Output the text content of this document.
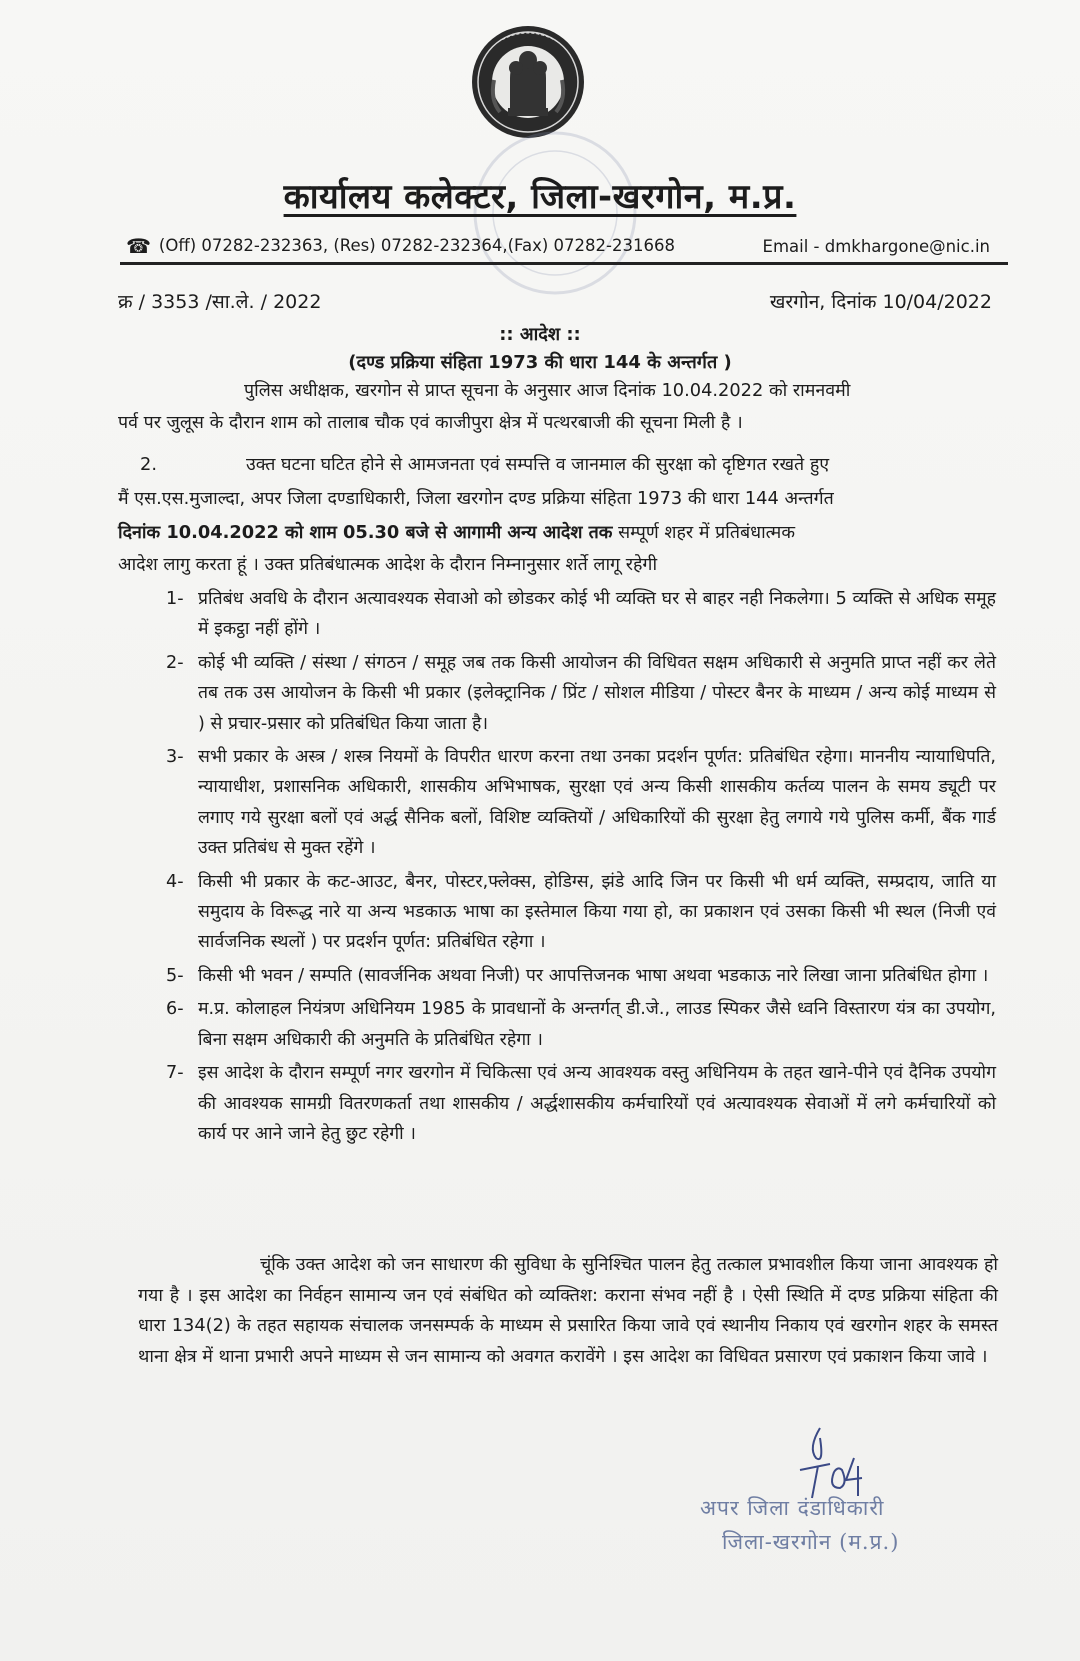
कार्यालय कलेक्टर, जिला-खरगोन, म.प्र.
☎ (Off) 07282-232363, (Res) 07282-232364,(Fax) 07282-231668	Email - dmkhargone@nic.in
क्र / 3353 /सा.ले. / 2022	खरगोन, दिनांक 10/04/2022
:: आदेश ::
(दण्ड प्रक्रिया संहिता 1973 की धारा 144 के अन्तर्गत )
पुलिस अधीक्षक, खरगोन से प्राप्त सूचना के अनुसार आज दिनांक 10.04.2022 को रामनवमी
पर्व पर जुलूस के दौरान शाम को तालाब चौक एवं काजीपुरा क्षेत्र में पत्थरबाजी की सूचना मिली है ।
2.	उक्त घटना घटित होने से आमजनता एवं सम्पत्ति व जानमाल की सुरक्षा को दृष्टिगत रखते हुए
मैं एस.एस.मुजाल्दा, अपर जिला दण्डाधिकारी, जिला खरगोन दण्ड प्रक्रिया संहिता 1973 की धारा 144 अन्तर्गत
दिनांक 10.04.2022 को शाम 05.30 बजे से आगामी अन्य आदेश तक सम्पूर्ण शहर में प्रतिबंधात्मक
आदेश लागु करता हूं । उक्त प्रतिबंधात्मक आदेश के दौरान निम्नानुसार शर्ते लागू रहेगी
1- प्रतिबंध अवधि के दौरान अत्यावश्यक सेवाओ को छोडकर कोई भी व्यक्ति घर से बाहर नही निकलेगा। 5 व्यक्ति से अधिक समूह में इकट्ठा नहीं होंगे ।
2- कोई भी व्यक्ति / संस्था / संगठन / समूह जब तक किसी आयोजन की विधिवत सक्षम अधिकारी से अनुमति प्राप्त नहीं कर लेते तब तक उस आयोजन के किसी भी प्रकार (इलेक्ट्रानिक / प्रिंट / सोशल मीडिया / पोस्टर बैनर के माध्यम / अन्य कोई माध्यम से ) से प्रचार-प्रसार को प्रतिबंधित किया जाता है।
3- सभी प्रकार के अस्त्र / शस्त्र नियमों के विपरीत धारण करना तथा उनका प्रदर्शन पूर्णत: प्रतिबंधित रहेगा। माननीय न्यायाधिपति, न्यायाधीश, प्रशासनिक अधिकारी, शासकीय अभिभाषक, सुरक्षा एवं अन्य किसी शासकीय कर्तव्य पालन के समय ड्यूटी पर लगाए गये सुरक्षा बलों एवं अर्द्ध सैनिक बलों, विशिष्ट व्यक्तियों / अधिकारियों की सुरक्षा हेतु लगाये गये पुलिस कर्मी, बैंक गार्ड उक्त प्रतिबंध से मुक्त रहेंगे ।
4- किसी भी प्रकार के कट-आउट, बैनर, पोस्टर,फ्लेक्स, होडिग्स, झंडे आदि जिन पर किसी भी धर्म व्यक्ति, सम्प्रदाय, जाति या समुदाय के विरूद्ध नारे या अन्य भडकाऊ भाषा का इस्तेमाल किया गया हो, का प्रकाशन एवं उसका किसी भी स्थल (निजी एवं सार्वजनिक स्थलों ) पर प्रदर्शन पूर्णत: प्रतिबंधित रहेगा ।
5- किसी भी भवन / सम्पति (सावर्जनिक अथवा निजी) पर आपत्तिजनक भाषा अथवा भडकाऊ नारे लिखा जाना प्रतिबंधित होगा ।
6- म.प्र. कोलाहल नियंत्रण अधिनियम 1985 के प्रावधानों के अन्तर्गत् डी.जे., लाउड स्पिकर जैसे ध्वनि विस्तारण यंत्र का उपयोग, बिना सक्षम अधिकारी की अनुमति के प्रतिबंधित रहेगा ।
7- इस आदेश के दौरान सम्पूर्ण नगर खरगोन में चिकित्सा एवं अन्य आवश्यक वस्तु अधिनियम के तहत खाने-पीने एवं दैनिक उपयोग की आवश्यक सामग्री वितरणकर्ता तथा शासकीय / अर्द्धशासकीय कर्मचारियों एवं अत्यावश्यक सेवाओं में लगे कर्मचारियों को कार्य पर आने जाने हेतु छुट रहेगी ।
चूंकि उक्त आदेश को जन साधारण की सुविधा के सुनिश्चित पालन हेतु तत्काल प्रभावशील किया जाना आवश्यक हो गया है । इस आदेश का निर्वहन सामान्य जन एवं संबंधित को व्यक्तिश: कराना संभव नहीं है । ऐसी स्थिति में दण्ड प्रक्रिया संहिता की धारा 134(2) के तहत सहायक संचालक जनसम्पर्क के माध्यम से प्रसारित किया जावे एवं स्थानीय निकाय एवं खरगोन शहर के समस्त थाना क्षेत्र में थाना प्रभारी अपने माध्यम से जन सामान्य को अवगत करावेंगे । इस आदेश का विधिवत प्रसारण एवं प्रकाशन किया जावे ।
अपर जिला दंडाधिकारी
जिला-खरगोन (म.प्र.)
